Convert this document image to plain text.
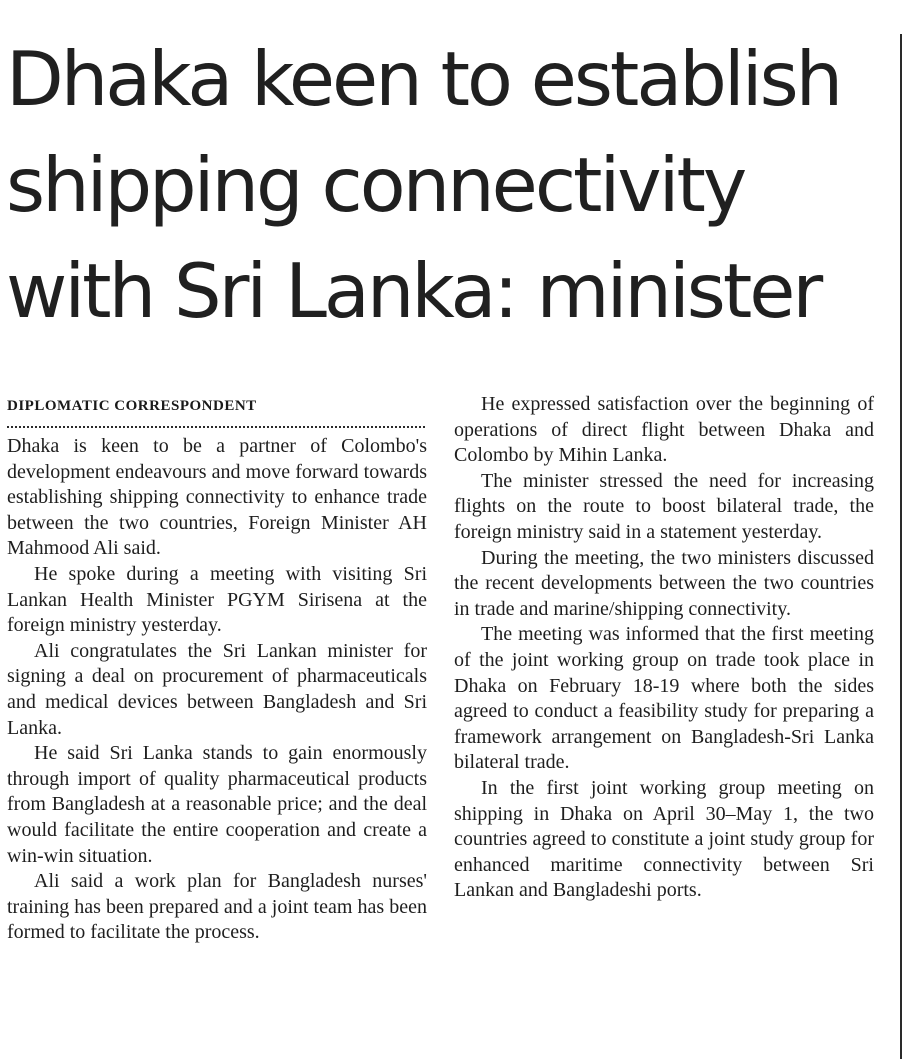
Dhaka keen to establish shipping connectivity with Sri Lanka: minister
DIPLOMATIC CORRESPONDENT

Dhaka is keen to be a partner of Colombo's development endeavours and move forward towards establishing shipping connectivity to enhance trade between the two countries, Foreign Minister AH Mahmood Ali said.

He spoke during a meeting with visiting Sri Lankan Health Minister PGYM Sirisena at the foreign ministry yesterday.

Ali congratulates the Sri Lankan minister for signing a deal on procurement of pharmaceuticals and medical devices between Bangladesh and Sri Lanka.

He said Sri Lanka stands to gain enormously through import of quality pharmaceutical products from Bangladesh at a reasonable price; and the deal would facilitate the entire cooperation and create a win-win situation.

Ali said a work plan for Bangladesh nurses' training has been prepared and a joint team has been formed to facilitate the process.

He expressed satisfaction over the beginning of operations of direct flight between Dhaka and Colombo by Mihin Lanka.

The minister stressed the need for increasing flights on the route to boost bilateral trade, the foreign ministry said in a statement yesterday.

During the meeting, the two ministers discussed the recent developments between the two countries in trade and marine/shipping connectivity.

The meeting was informed that the first meeting of the joint working group on trade took place in Dhaka on February 18-19 where both the sides agreed to conduct a feasibility study for preparing a framework arrangement on Bangladesh-Sri Lanka bilateral trade.

In the first joint working group meeting on shipping in Dhaka on April 30–May 1, the two countries agreed to constitute a joint study group for enhanced maritime connectivity between Sri Lankan and Bangladeshi ports.
